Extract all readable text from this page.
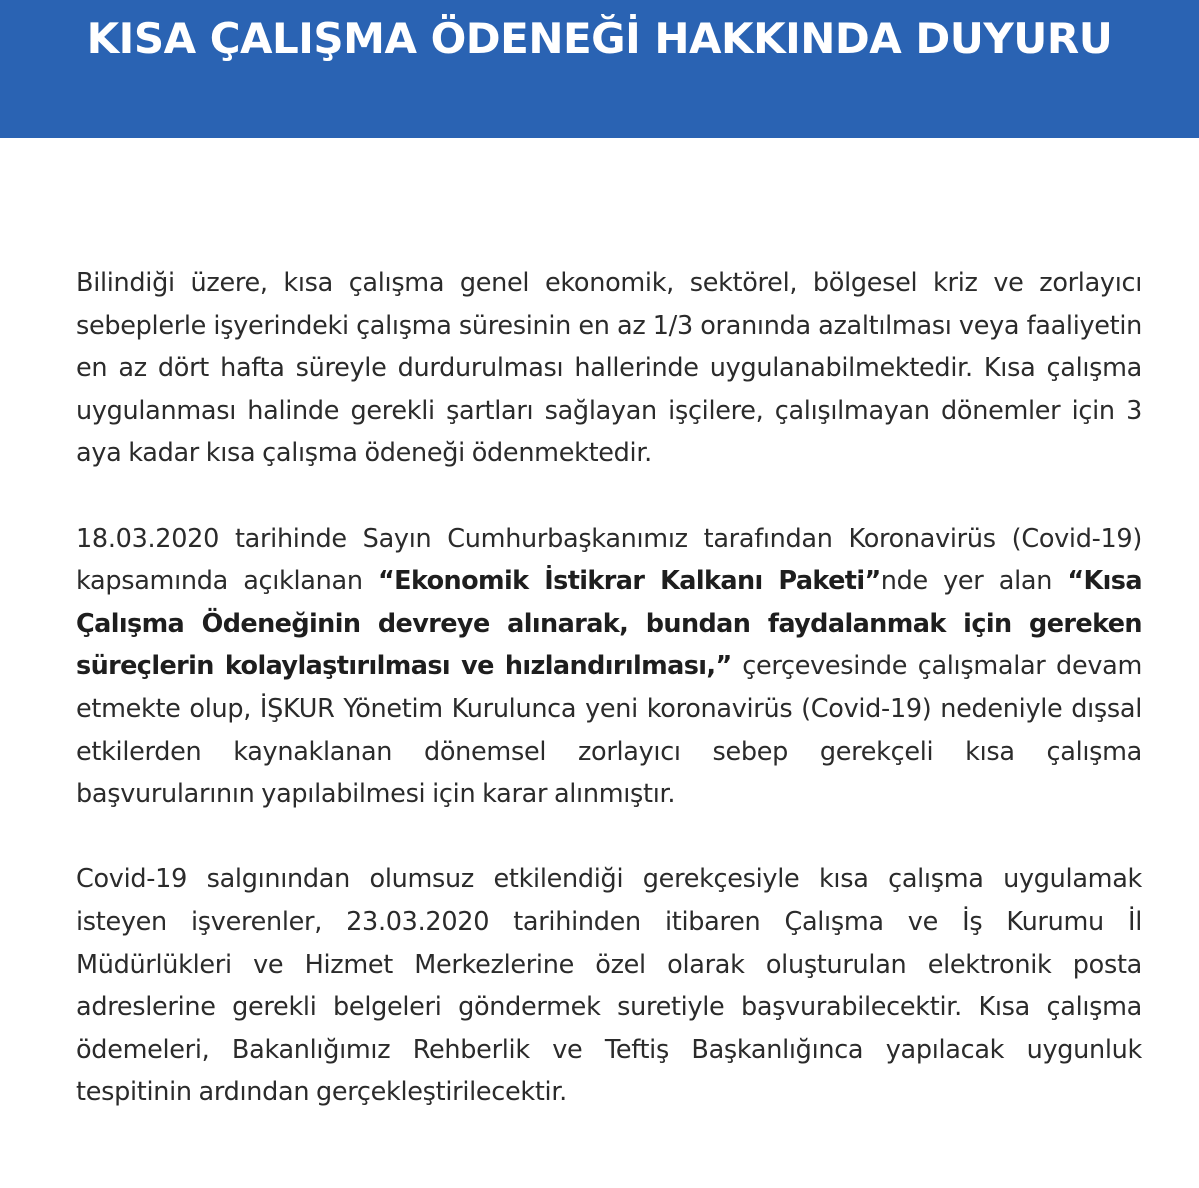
KISA ÇALIŞMA ÖDENEĞİ HAKKINDA DUYURU

Bilindiği üzere, kısa çalışma genel ekonomik, sektörel, bölgesel kriz ve zorlayıcı sebeplerle işyerindeki çalışma süresinin en az 1/3 oranında azaltılması veya faaliyetin en az dört hafta süreyle durdurulması hallerinde uygulanabilmektedir. Kısa çalışma uygulanması halinde gerekli şartları sağlayan işçilere, çalışılmayan dönemler için 3 aya kadar kısa çalışma ödeneği ödenmektedir.

18.03.2020 tarihinde Sayın Cumhurbaşkanımız tarafından Koronavirüs (Covid-19) kapsamında açıklanan “Ekonomik İstikrar Kalkanı Paketi”nde yer alan “Kısa Çalışma Ödeneğinin devreye alınarak, bundan faydalanmak için gereken süreçlerin kolaylaştırılması ve hızlandırılması,” çerçevesinde çalışmalar devam etmekte olup, İŞKUR Yönetim Kurulunca yeni koronavirüs (Covid-19) nedeniyle dışsal etkilerden kaynaklanan dönemsel zorlayıcı sebep gerekçeli kısa çalışma başvurularının yapılabilmesi için karar alınmıştır.

Covid-19 salgınından olumsuz etkilendiği gerekçesiyle kısa çalışma uygulamak isteyen işverenler, 23.03.2020 tarihinden itibaren Çalışma ve İş Kurumu İl Müdürlükleri ve Hizmet Merkezlerine özel olarak oluşturulan elektronik posta adreslerine gerekli belgeleri göndermek suretiyle başvurabilecektir. Kısa çalışma ödemeleri, Bakanlığımız Rehberlik ve Teftiş Başkanlığınca yapılacak uygunluk tespitinin ardından gerçekleştirilecektir.
